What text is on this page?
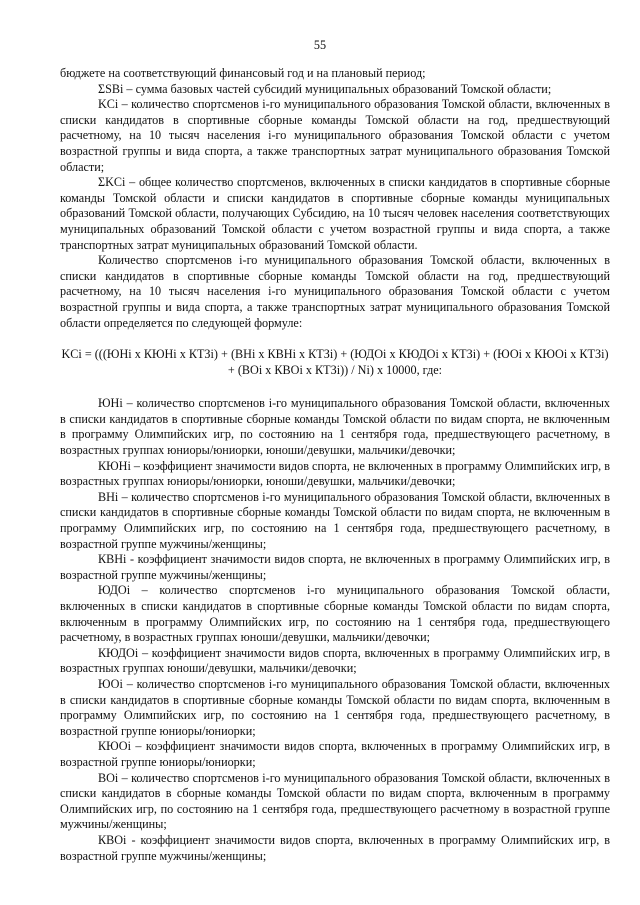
55

бюджете на соответствующий финансовый год и на плановый период;

ΣSBi – сумма базовых частей субсидий муниципальных образований Томской области;

KCi – количество спортсменов i-го муниципального образования Томской области, включенных в списки кандидатов в спортивные сборные команды Томской области на год, предшествующий расчетному, на 10 тысяч населения i-го муниципального образования Томской области с учетом возрастной группы и вида спорта, а также транспортных затрат муниципального образования Томской области;

ΣKCi – общее количество спортсменов, включенных в списки кандидатов в спортивные сборные команды Томской области и списки кандидатов в спортивные сборные команды муниципальных образований Томской области, получающих Субсидию, на 10 тысяч человек населения соответствующих муниципальных образований Томской области с учетом возрастной группы и вида спорта, а также транспортных затрат муниципальных образований Томской области.

Количество спортсменов i-го муниципального образования Томской области, включенных в списки кандидатов в спортивные сборные команды Томской области на год, предшествующий расчетному, на 10 тысяч населения i-го муниципального образования Томской области с учетом возрастной группы и вида спорта, а также транспортных затрат муниципального образования Томской области определяется по следующей формуле:

KCi = (((ЮНi x КЮНi x КТЗi) + (ВНi x КВНi x КТЗi) + (ЮДОi x КЮДОi x КТЗi) + (ЮОi x КЮОi x КТЗi) + (ВОi x КВОi x КТЗi)) / Ni) x 10000, где:

ЮНi – количество спортсменов i-го муниципального образования Томской области, включенных в списки кандидатов в спортивные сборные команды Томской области по видам спорта, не включенным в программу Олимпийских игр, по состоянию на 1 сентября года, предшествующего расчетному, в возрастных группах юниоры/юниорки, юноши/девушки, мальчики/девочки;

КЮНi – коэффициент значимости видов спорта, не включенных в программу Олимпийских игр, в возрастных группах юниоры/юниорки, юноши/девушки, мальчики/девочки;

ВНi – количество спортсменов i-го муниципального образования Томской области, включенных в списки кандидатов в спортивные сборные команды Томской области по видам спорта, не включенным в программу Олимпийских игр, по состоянию на 1 сентября года, предшествующего расчетному, в возрастной группе мужчины/женщины;

КВНi - коэффициент значимости видов спорта, не включенных в программу Олимпийских игр, в возрастной группе мужчины/женщины;

ЮДОi – количество спортсменов i-го муниципального образования Томской области, включенных в списки кандидатов в спортивные сборные команды Томской области по видам спорта, включенным в программу Олимпийских игр, по состоянию на 1 сентября года, предшествующего расчетному, в возрастных группах юноши/девушки, мальчики/девочки;

КЮДОi – коэффициент значимости видов спорта, включенных в программу Олимпийских игр, в возрастных группах юноши/девушки, мальчики/девочки;

ЮОi – количество спортсменов i-го муниципального образования Томской области, включенных в списки кандидатов в спортивные сборные команды Томской области по видам спорта, включенным в программу Олимпийских игр, по состоянию на 1 сентября года, предшествующего расчетному, в возрастной группе юниоры/юниорки;

КЮОi – коэффициент значимости видов спорта, включенных в программу Олимпийских игр, в возрастной группе юниоры/юниорки;

ВОi – количество спортсменов i-го муниципального образования Томской области, включенных в списки кандидатов в сборные команды Томской области по видам спорта, включенным в программу Олимпийских игр, по состоянию на 1 сентября года, предшествующего расчетному в возрастной группе мужчины/женщины;

КВОi - коэффициент значимости видов спорта, включенных в программу Олимпийских игр, в возрастной группе мужчины/женщины;
